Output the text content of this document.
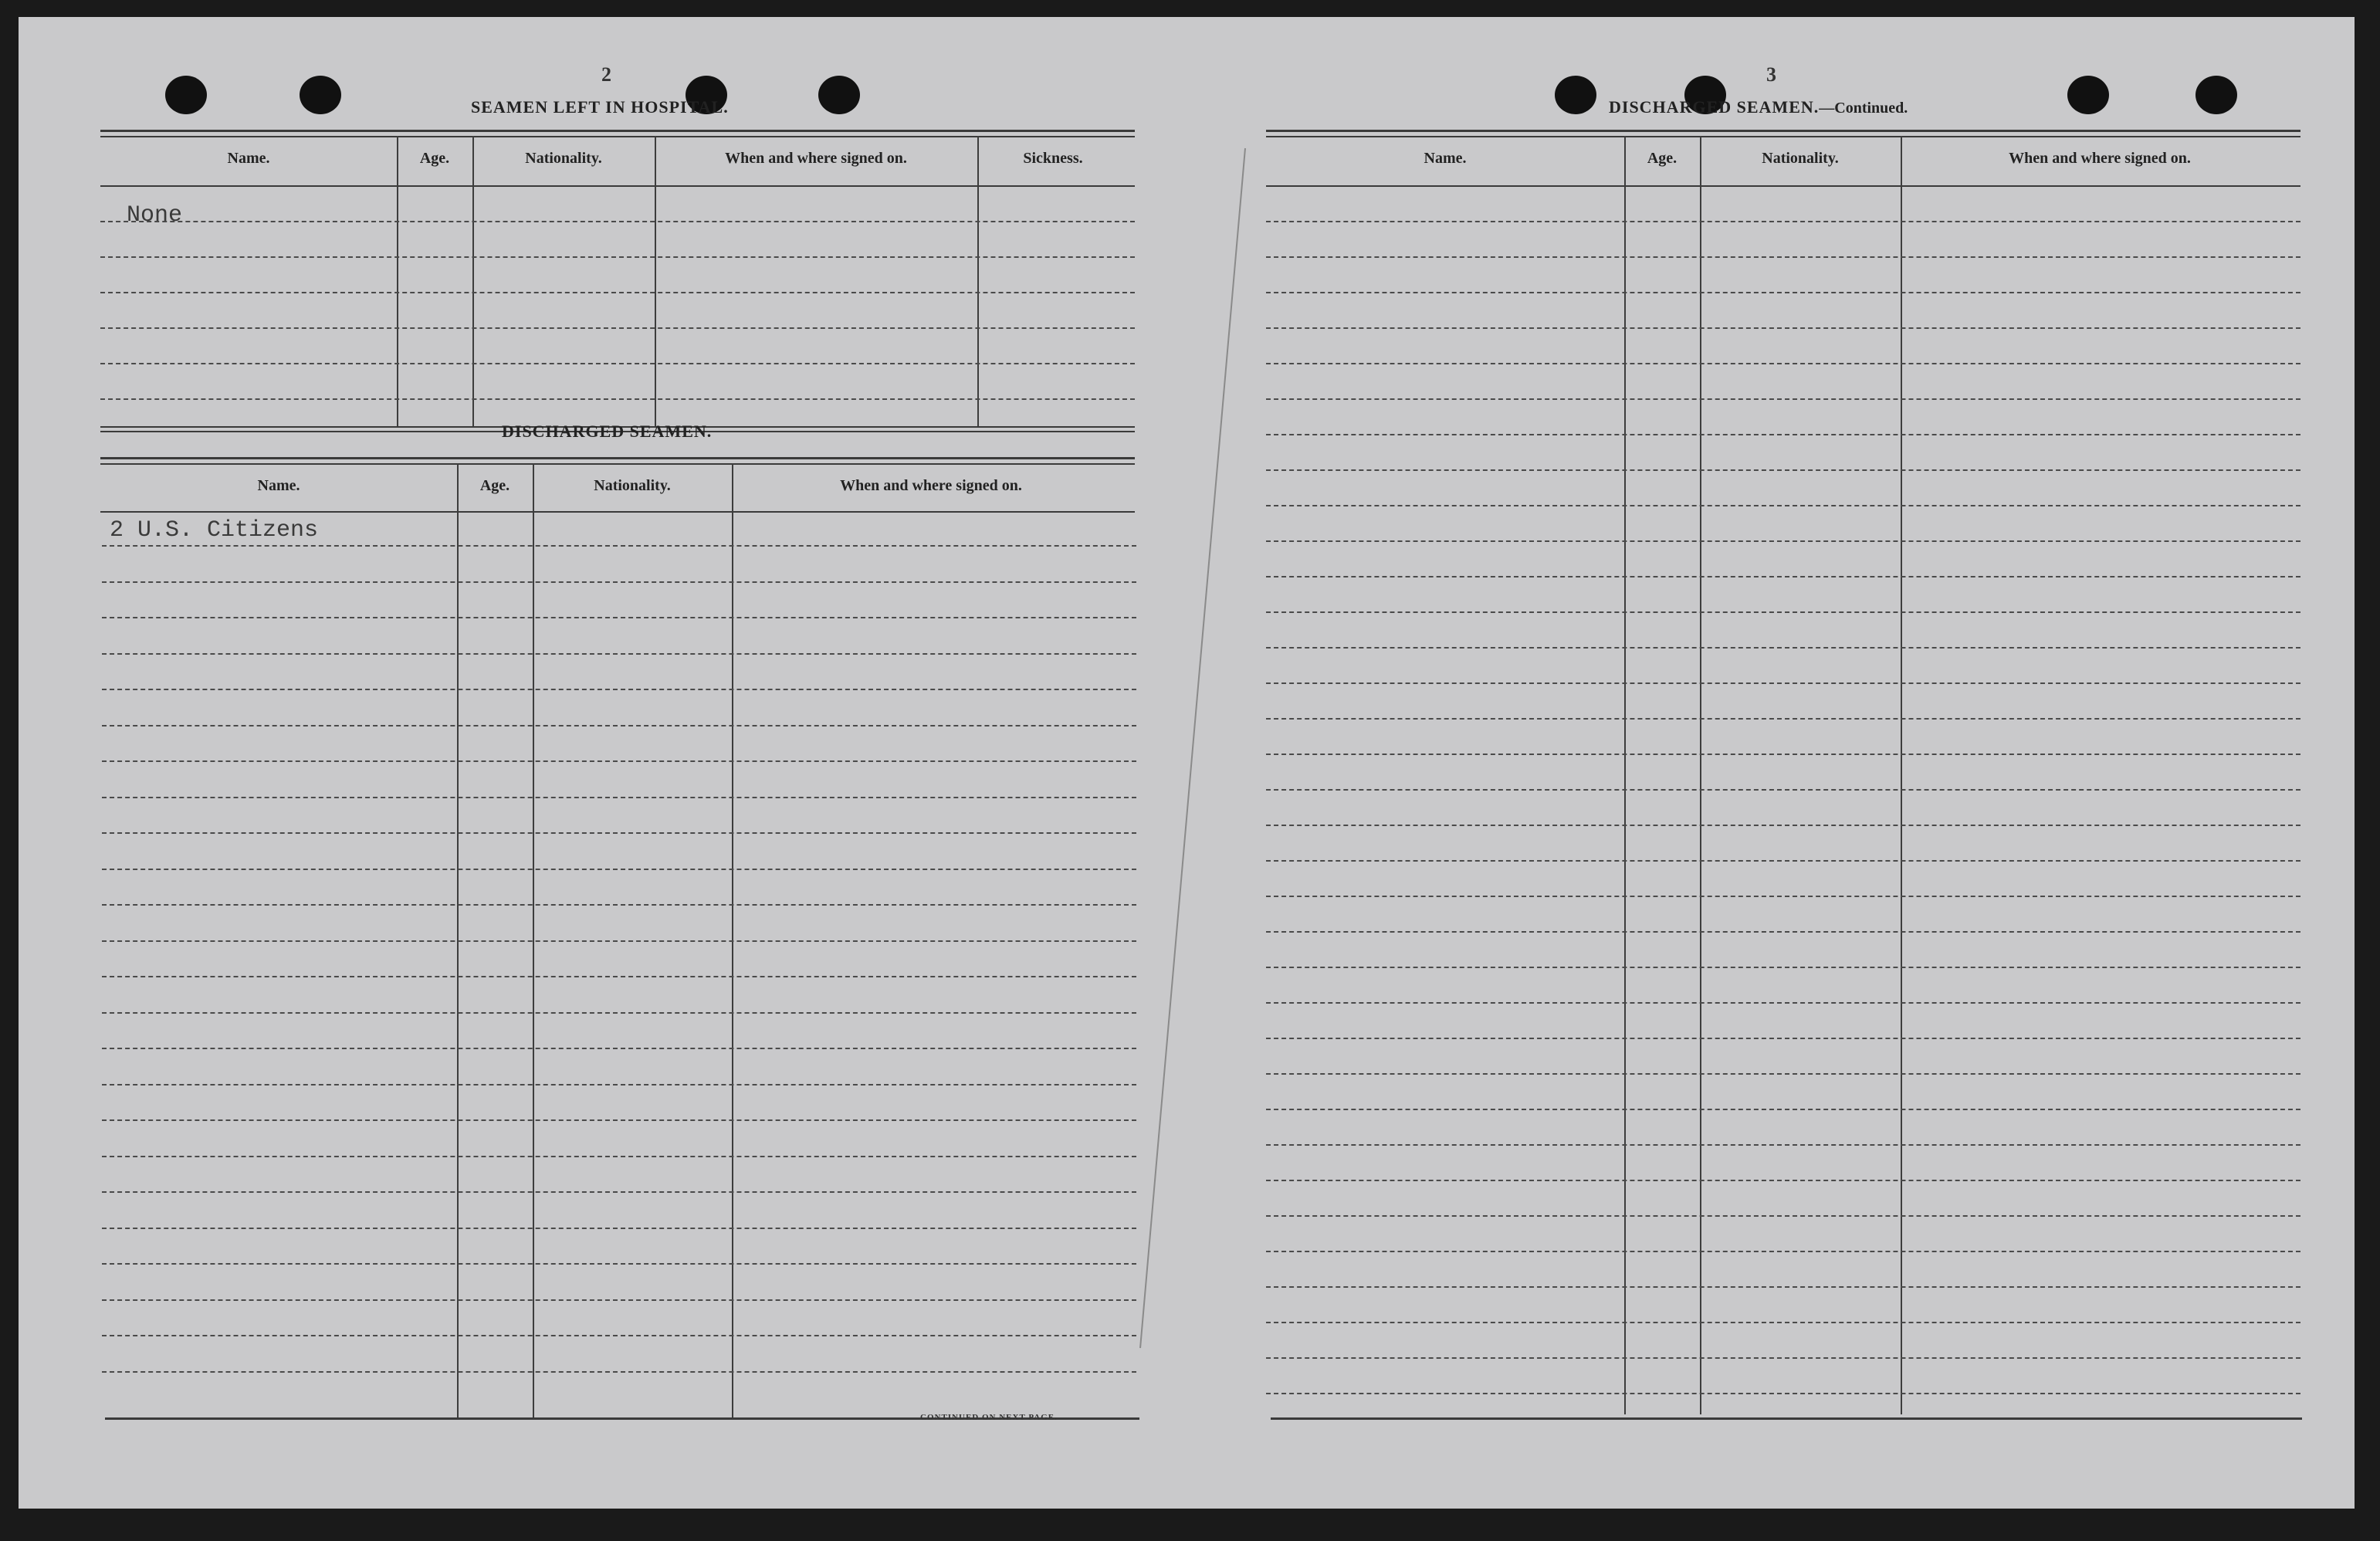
2
SEAMEN LEFT IN HOSPITAL.
Name.	Age.	Nationality.	When and where signed on.	Sickness.
None
DISCHARGED SEAMEN.
Name.	Age.	Nationality.	When and where signed on.
2 U.S. Citizens
CONTINUED ON NEXT PAGE.
3
DISCHARGED SEAMEN.—Continued.
Name.	Age.	Nationality.	When and where signed on.
